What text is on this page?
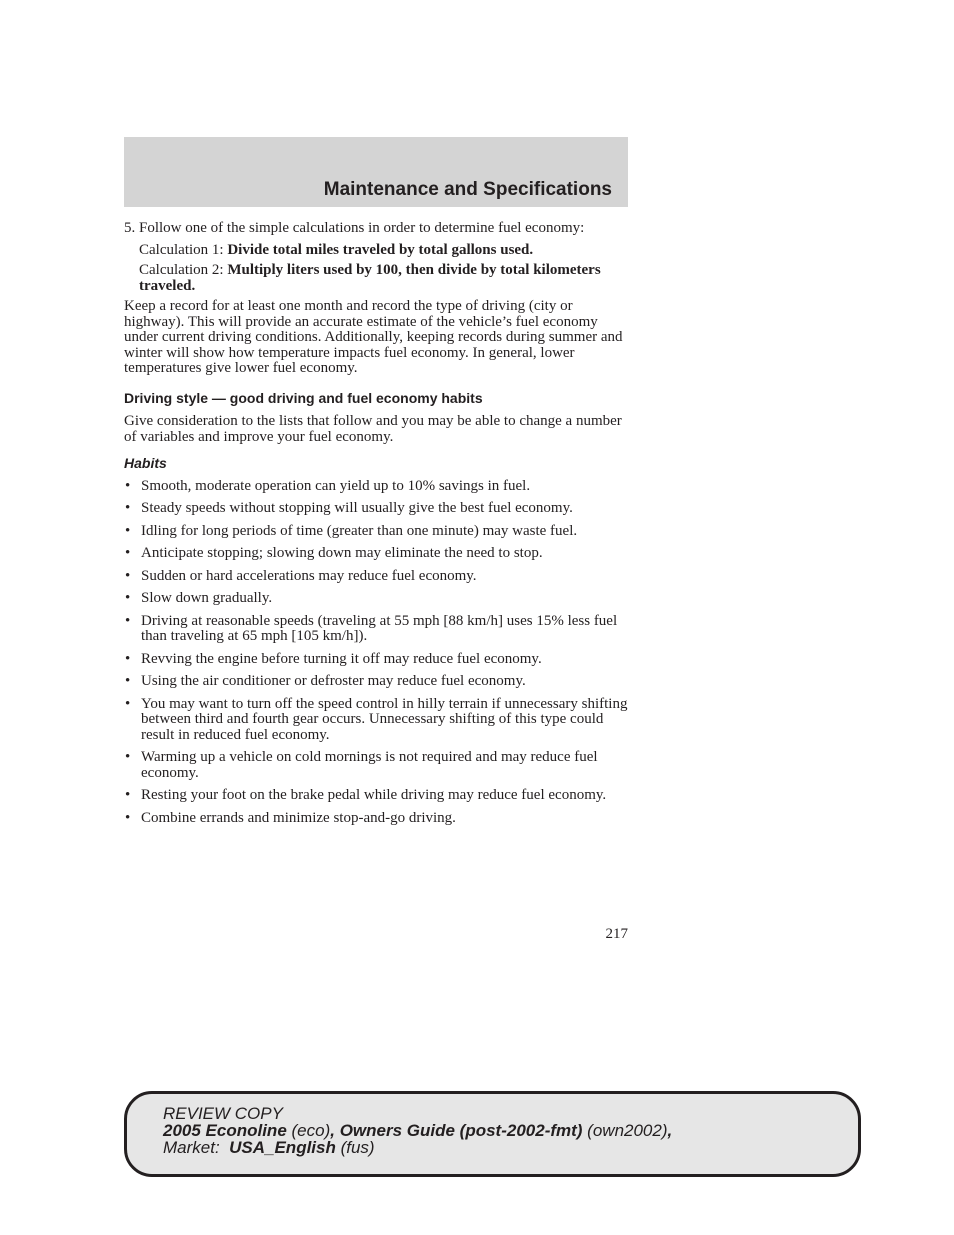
Maintenance and Specifications

5. Follow one of the simple calculations in order to determine fuel economy:

Calculation 1: Divide total miles traveled by total gallons used.

Calculation 2: Multiply liters used by 100, then divide by total kilometers traveled.

Keep a record for at least one month and record the type of driving (city or highway). This will provide an accurate estimate of the vehicle’s fuel economy under current driving conditions. Additionally, keeping records during summer and winter will show how temperature impacts fuel economy. In general, lower temperatures give lower fuel economy.

Driving style — good driving and fuel economy habits

Give consideration to the lists that follow and you may be able to change a number of variables and improve your fuel economy.

Habits

• Smooth, moderate operation can yield up to 10% savings in fuel.
• Steady speeds without stopping will usually give the best fuel economy.
• Idling for long periods of time (greater than one minute) may waste fuel.
• Anticipate stopping; slowing down may eliminate the need to stop.
• Sudden or hard accelerations may reduce fuel economy.
• Slow down gradually.
• Driving at reasonable speeds (traveling at 55 mph [88 km/h] uses 15% less fuel than traveling at 65 mph [105 km/h]).
• Revving the engine before turning it off may reduce fuel economy.
• Using the air conditioner or defroster may reduce fuel economy.
• You may want to turn off the speed control in hilly terrain if unnecessary shifting between third and fourth gear occurs. Unnecessary shifting of this type could result in reduced fuel economy.
• Warming up a vehicle on cold mornings is not required and may reduce fuel economy.
• Resting your foot on the brake pedal while driving may reduce fuel economy.
• Combine errands and minimize stop-and-go driving.
217
REVIEW COPY
2005 Econoline (eco), Owners Guide (post-2002-fmt) (own2002),
Market:  USA_English (fus)
